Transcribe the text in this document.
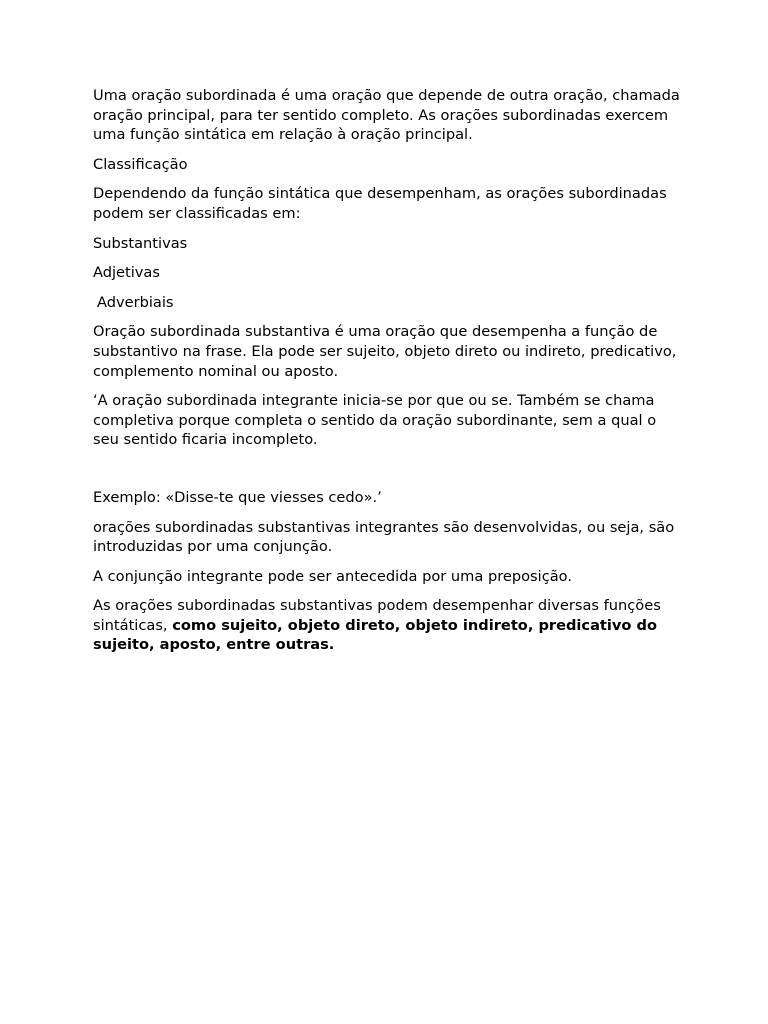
Uma oração subordinada é uma oração que depende de outra oração, chamada oração principal, para ter sentido completo. As orações subordinadas exercem uma função sintática em relação à oração principal.

Classificação

Dependendo da função sintática que desempenham, as orações subordinadas podem ser classificadas em:

Substantivas

Adjetivas

Adverbiais

Oração subordinada substantiva é uma oração que desempenha a função de substantivo na frase. Ela pode ser sujeito, objeto direto ou indireto, predicativo, complemento nominal ou aposto.

‘A oração subordinada integrante inicia-se por que ou se. Também se chama completiva porque completa o sentido da oração subordinante, sem a qual o seu sentido ficaria incompleto.

Exemplo: «Disse-te que viesses cedo».’

orações subordinadas substantivas integrantes são desenvolvidas, ou seja, são introduzidas por uma conjunção.

A conjunção integrante pode ser antecedida por uma preposição.

As orações subordinadas substantivas podem desempenhar diversas funções sintáticas, como sujeito, objeto direto, objeto indireto, predicativo do sujeito, aposto, entre outras.
